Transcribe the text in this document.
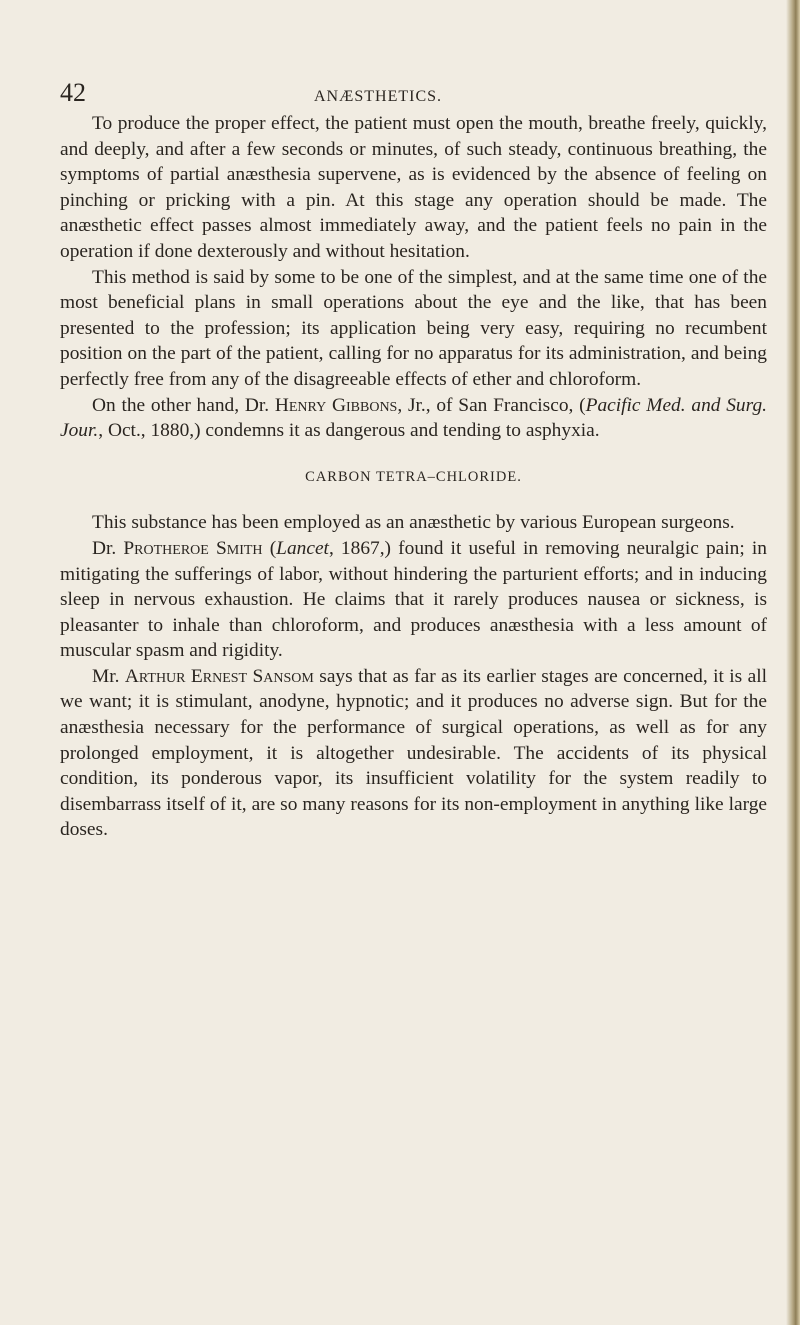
42	ANÆSTHETICS.

To produce the proper effect, the patient must open the mouth, breathe freely, quickly, and deeply, and after a few seconds or minutes, of such steady, continuous breathing, the symptoms of partial anæsthesia supervene, as is evidenced by the absence of feeling on pinching or pricking with a pin. At this stage any operation should be made. The anæsthetic effect passes almost immediately away, and the patient feels no pain in the operation if done dexterously and without hesitation.

This method is said by some to be one of the simplest, and at the same time one of the most beneficial plans in small operations about the eye and the like, that has been presented to the profession; its application being very easy, requiring no recumbent position on the part of the patient, calling for no apparatus for its administration, and being perfectly free from any of the disagreeable effects of ether and chloroform.

On the other hand, Dr. Henry Gibbons, Jr., of San Francisco, (Pacific Med. and Surg. Jour., Oct., 1880,) condemns it as dangerous and tending to asphyxia.

CARBON TETRA–CHLORIDE.

This substance has been employed as an anæsthetic by various European surgeons.

Dr. Protheroe Smith (Lancet, 1867,) found it useful in removing neuralgic pain; in mitigating the sufferings of labor, without hindering the parturient efforts; and in inducing sleep in nervous exhaustion. He claims that it rarely produces nausea or sickness, is pleasanter to inhale than chloroform, and produces anæsthesia with a less amount of muscular spasm and rigidity.

Mr. Arthur Ernest Sansom says that as far as its earlier stages are concerned, it is all we want; it is stimulant, anodyne, hypnotic; and it produces no adverse sign. But for the anæsthesia necessary for the performance of surgical operations, as well as for any prolonged employment, it is altogether undesirable. The accidents of its physical condition, its ponderous vapor, its insufficient volatility for the system readily to disembarrass itself of it, are so many reasons for its non-employment in anything like large doses.
